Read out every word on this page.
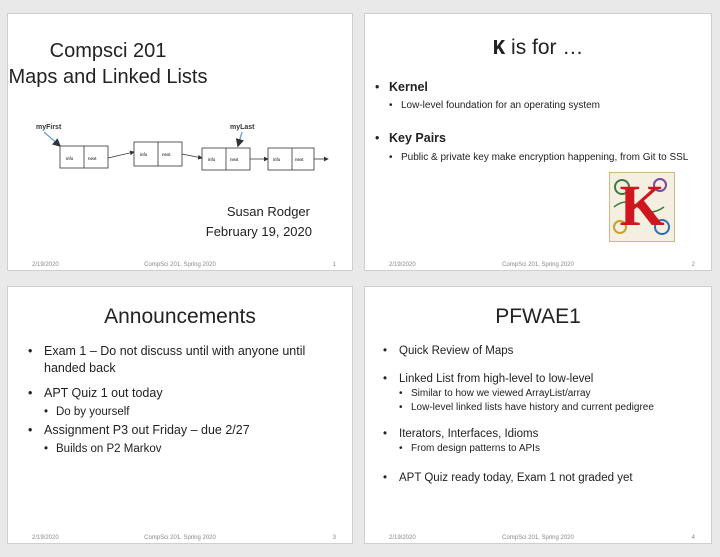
Compsci 201
Maps and Linked Lists
myFirst	myLast
info	next
info	next
info	next	info	next
Susan Rodger
February 19, 2020
2/19/2020	CompSci 201, Spring 2020	1
K is for …
• Kernel
• Low-level foundation for an operating system
• Key Pairs
• Public & private key make encryption happening, from Git to SSL
K
2/19/2020	CompSci 201, Spring 2020	2
Announcements
• Exam 1 – Do not discuss until with anyone until handed back
• APT Quiz 1 out today
• Do by yourself
• Assignment P3 out Friday – due 2/27
• Builds on P2 Markov
2/19/2020	CompSci 201, Spring 2020	3
PFWAE1
• Quick Review of Maps
• Linked List from high-level to low-level
• Similar to how we viewed ArrayList/array
• Low-level linked lists have history and current pedigree
• Iterators, Interfaces, Idioms
• From design patterns to APIs
• APT Quiz ready today, Exam 1 not graded yet
2/19/2020	CompSci 201, Spring 2020	4
